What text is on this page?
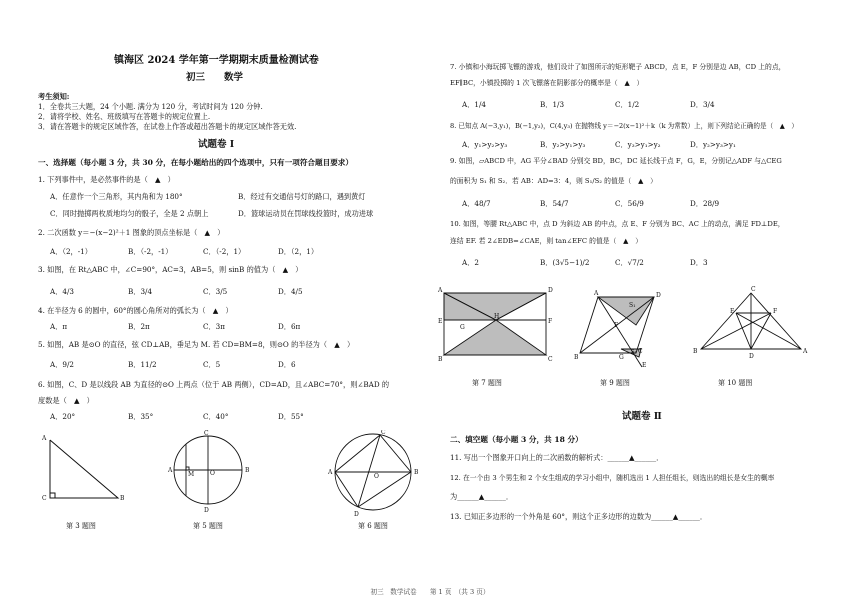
镇海区 2024 学年第一学期期末质量检测试卷
初三　　数学
考生须知:
1．全卷共三大题，24 个小题. 满分为 120 分，考试时间为 120 分钟.
2．请将学校、姓名、班级填写在答题卡的规定位置上.
3．请在答题卡的规定区域作答，在试卷上作答或超出答题卡的规定区域作答无效.
试题卷 Ⅰ
一、选择题（每小题 3 分，共 30 分，在每小题给出的四个选项中，只有一项符合题目要求）
1. 下列事件中，是必然事件的是（　▲　）
A．任意作一个三角形，其内角和为 180°	B．经过有交通信号灯的路口，遇到黄灯
C．同时抛掷两枚质地均匀的骰子，全是 2 点朝上	D．篮球运动员在罚球线投篮时，成功进球
2. 二次函数 y＝−(x−2)²＋1 图象的顶点坐标是（　▲　）
A．（2，-1）	B．（-2，-1）	C．（-2，1）	D．（2，1）
3. 如图，在 Rt△ABC 中，∠C=90°，AC=3，AB=5，则 sinB 的值为（　▲　）
A．4/3	B．3/4	C．3/5	D．4/5
4. 在半径为 6 的圆中，60°的圆心角所对的弧长为（　▲　）
A．π	B．2π	C．3π	D．6π
5. 如图，AB 是⊙O 的直径，弦 CD⊥AB，垂足为 M. 若 CD=BM=8，则⊙O 的半径为（　▲　）
A．9/2	B．11/2	C．5	D．6
6. 如图，C、D 是以线段 AB 为直径的⊙O 上两点（位于 AB 两侧），CD=AD，且∠ABC=70°，则∠BAD 的
度数是（　▲　）
A．20°	B．35°	C．40°	D．55°
A
C	B
C
A	B
M	O
D
C
A	B
O
D
第 3 题图	第 5 题图	第 6 题图
7. 小镇和小海玩掷飞镖的游戏，他们设计了如图所示的矩形靶子 ABCD，点 E，F 分别是边 AB，CD 上的点，
EF∥BC，小镇投掷的 1 次飞镖落在阴影部分的概率是（　▲　）
A．1/4	B．1/3	C．1/2	D．3/4
8. 已知点 A(−3,y₁)，B(−1,y₂)，C(4,y₃) 在抛物线 y＝−2(x−1)²＋k（k 为常数）上，则下列结论正确的是（　▲　）
A．y₁>y₂>y₃	B．y₂>y₁>y₃	C．y₃>y₁>y₂	D．y₂>y₃>y₁
9. 如图，▱ABCD 中，AG 平分∠BAD 分别交 BD，BC，DC 延长线于点 F，G，E，分别记△ADF 与△CEG
的面积为 S₁ 和 S₂．若 AB：AD=3：4，则 S₁/S₂ 的值是（　▲　）
A．48/7	B．54/7	C．56/9	D．28/9
10. 如图，等腰 Rt△ABC 中，点 D 为斜边 AB 的中点，点 E、F 分别为 BC、AC 上的动点，满足 FD⊥DE，
连结 EF. 若 2∠EDB=∠CAE，则 tan∠EFC 的值是（　▲　）
A．2	B．(3√5−1)/2	C．√7/2	D．3
A	D
E	F
B	C
G
H
A	D
B
C
F
G
E
S₁
S₂
C
B	A
E	F
D
第 7 题图	第 9 题图	第 10 题图
试题卷 Ⅱ
二、填空题（每小题 3 分，共 18 分）
11. 写出一个图象开口向上的二次函数的解析式：______▲______．
12. 在一个由 3 个男生和 2 个女生组成的学习小组中，随机选出 1 人担任组长，则选出的组长是女生的概率
为______▲______．
13. 已知正多边形的一个外角是 60°，则这个正多边形的边数为______▲______．
初三　数学试卷　　第 1 页　（共 3 页）
